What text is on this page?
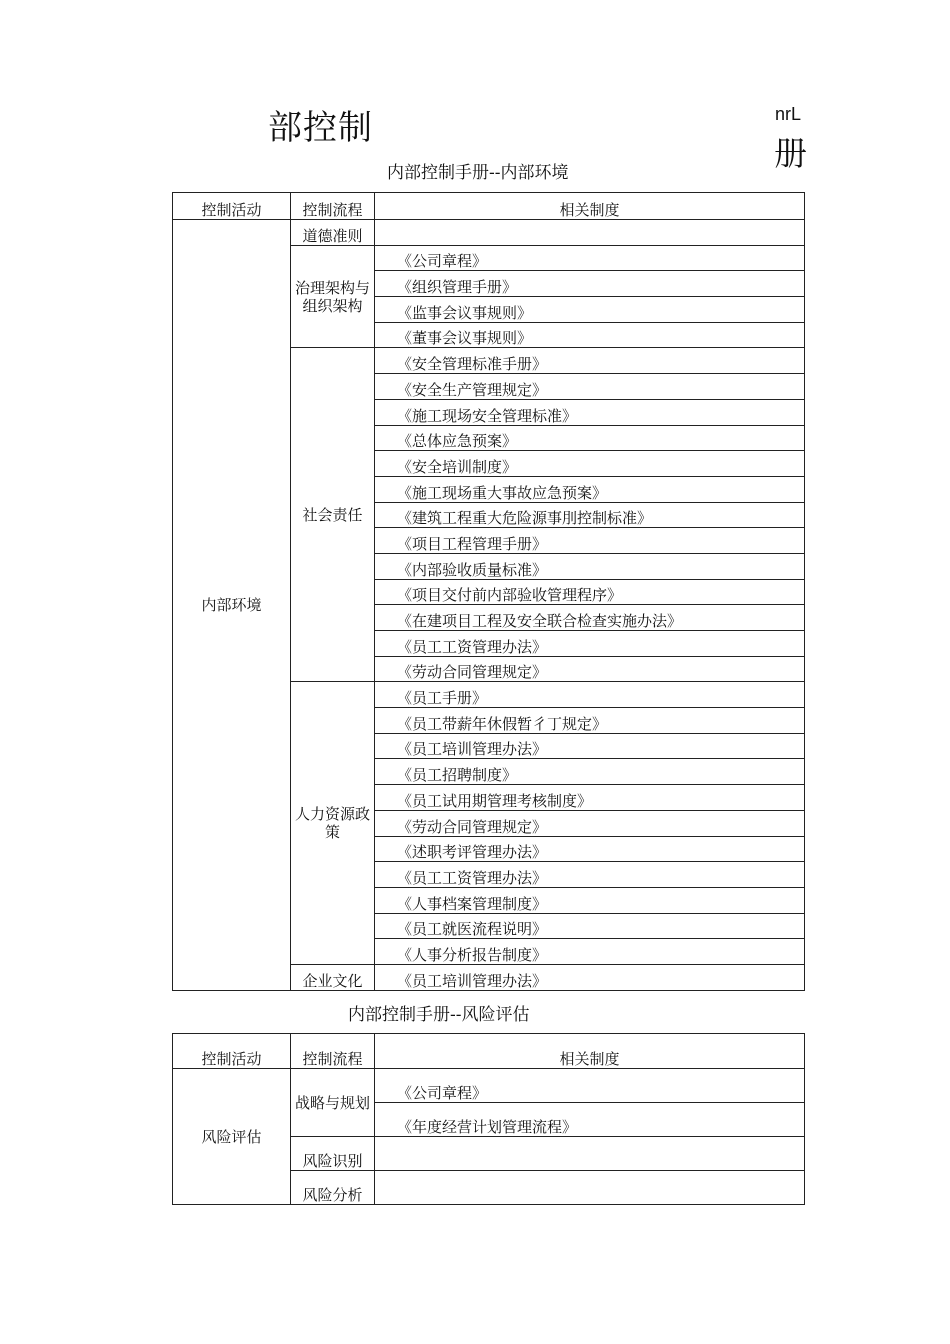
部控制	nrL
册
内部控制手册--内部环境
控制活动	控制流程	相关制度
内部环境	道德准则	
	治理架构与组织架构	《公司章程》
		《组织管理手册》
		《监事会议事规则》
		《董事会议事规则》
	社会责任	《安全管理标准手册》
		《安全生产管理规定》
		《施工现场安全管理标准》
		《总体应急预案》
		《安全培训制度》
		《施工现场重大事故应急预案》
		《建筑工程重大危险源事刖控制标准》
		《项目工程管理手册》
		《内部验收质量标准》
		《项目交付前内部验收管理程序》
		《在建项目工程及安全联合检查实施办法》
		《员工工资管理办法》
		《劳动合同管理规定》
	人力资源政策	《员工手册》
		《员工带薪年休假暂彳丁规定》
		《员工培训管理办法》
		《员工招聘制度》
		《员工试用期管理考核制度》
		《劳动合同管理规定》
		《述职考评管理办法》
		《员工工资管理办法》
		《人事档案管理制度》
		《员工就医流程说明》
		《人事分析报告制度》
	企业文化	《员工培训管理办法》
内部控制手册--风险评估
控制活动	控制流程	相关制度
风险评估	战略与规划	《公司章程》
		《年度经营计划管理流程》
	风险识别	
	风险分析	
